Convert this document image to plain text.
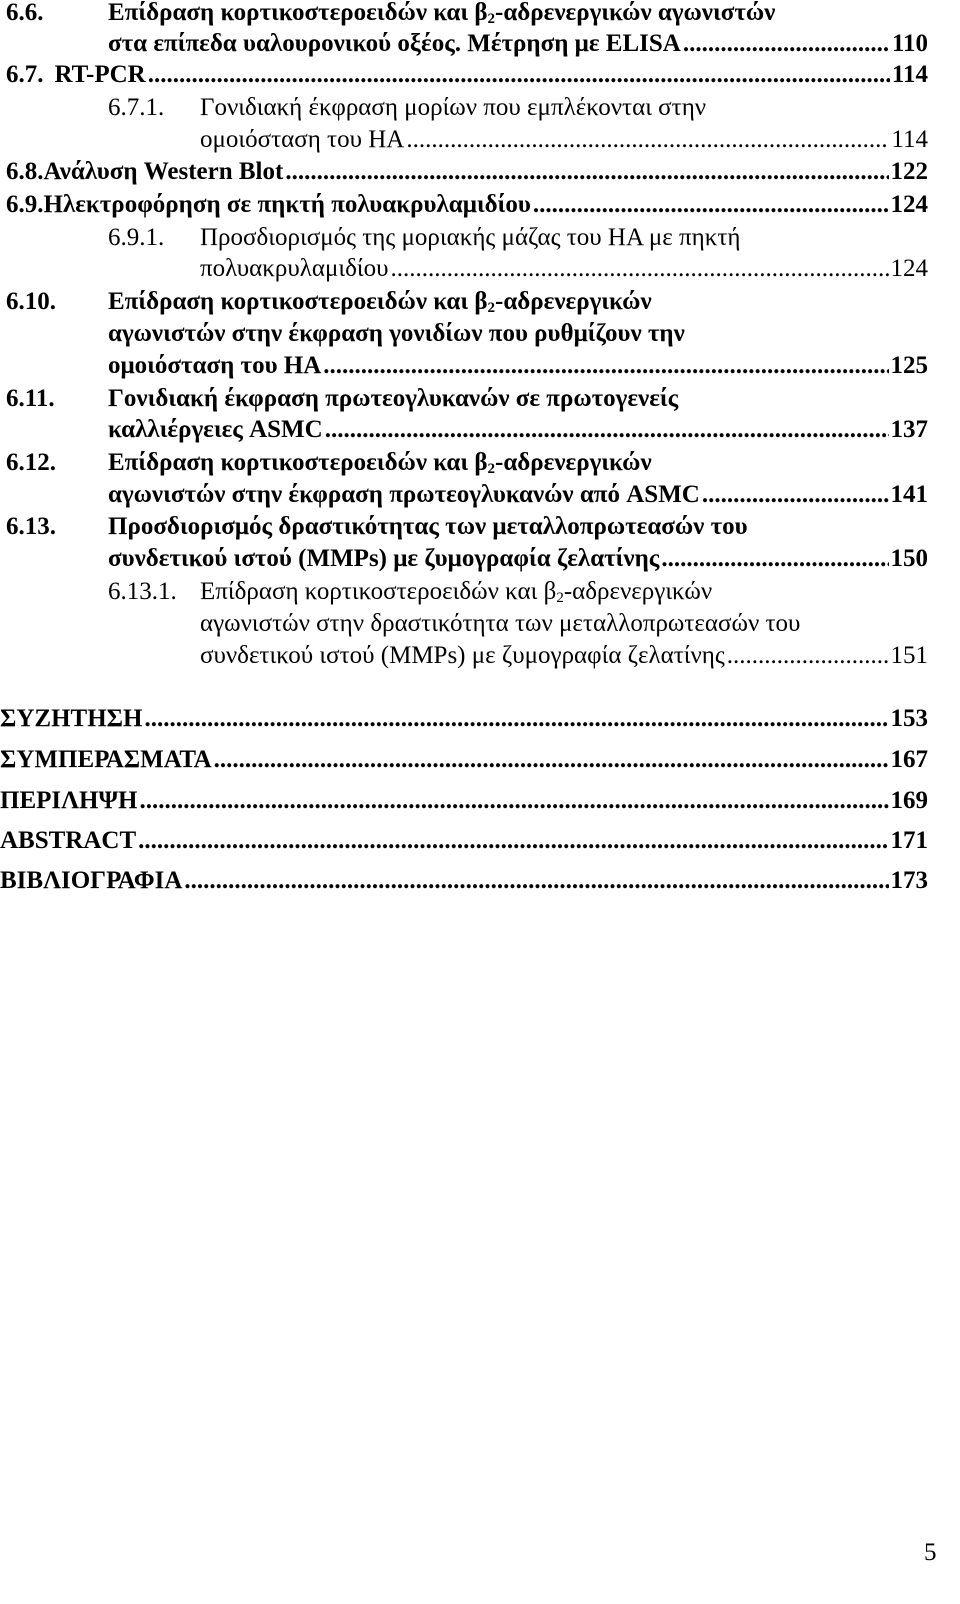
6.6.	Επίδραση κορτικοστεροειδών και $\beta_2$-αδρενεργικών αγωνιστών
στα επίπεδα υαλουρονικού οξέος. Μέτρηση με ELISA .....	110
6.7. RT-PCR .....	114
6.7.1.	Γονιδιακή έκφραση μορίων που εμπλέκονται στην
ομοιόσταση του ΗΑ .....	114
6.8. Ανάλυση Western Blot .....	122
6.9. Ηλεκτροφόρηση σε πηκτή πολυακρυλαμιδίου .....	124
6.9.1.	Προσδιορισμός της μοριακής μάζας του ΗΑ με πηκτή
πολυακρυλαμιδίου .....	124
6.10.	Επίδραση κορτικοστεροειδών και $\beta_2$-αδρενεργικών
αγωνιστών στην έκφραση γονιδίων που ρυθμίζουν την
ομοιόσταση του ΗΑ .....	125
6.11.	Γονιδιακή έκφραση πρωτεογλυκανών σε πρωτογενείς
καλλιέργειες ASMC .....	137
6.12.	Επίδραση κορτικοστεροειδών και $\beta_2$-αδρενεργικών
αγωνιστών στην έκφραση πρωτεογλυκανών από ASMC .....	141
6.13.	Προσδιορισμός δραστικότητας των μεταλλοπρωτεασών του
συνδετικού ιστού (MMPs) με ζυμογραφία ζελατίνης .....	150
6.13.1. Επίδραση κορτικοστεροειδών και $\beta_2$-αδρενεργικών
αγωνιστών στην δραστικότητα των μεταλλοπρωτεασών του
συνδετικού ιστού (MMPs) με ζυμογραφία ζελατίνης .....	151
ΣΥΖΗΤΗΣΗ .....	153
ΣΥΜΠΕΡΑΣΜΑΤΑ .....	167
ΠΕΡΙΛΗΨΗ .....	169
ABSTRACT .....	171
ΒΙΒΛΙΟΓΡΑΦΙΑ .....	173
5
